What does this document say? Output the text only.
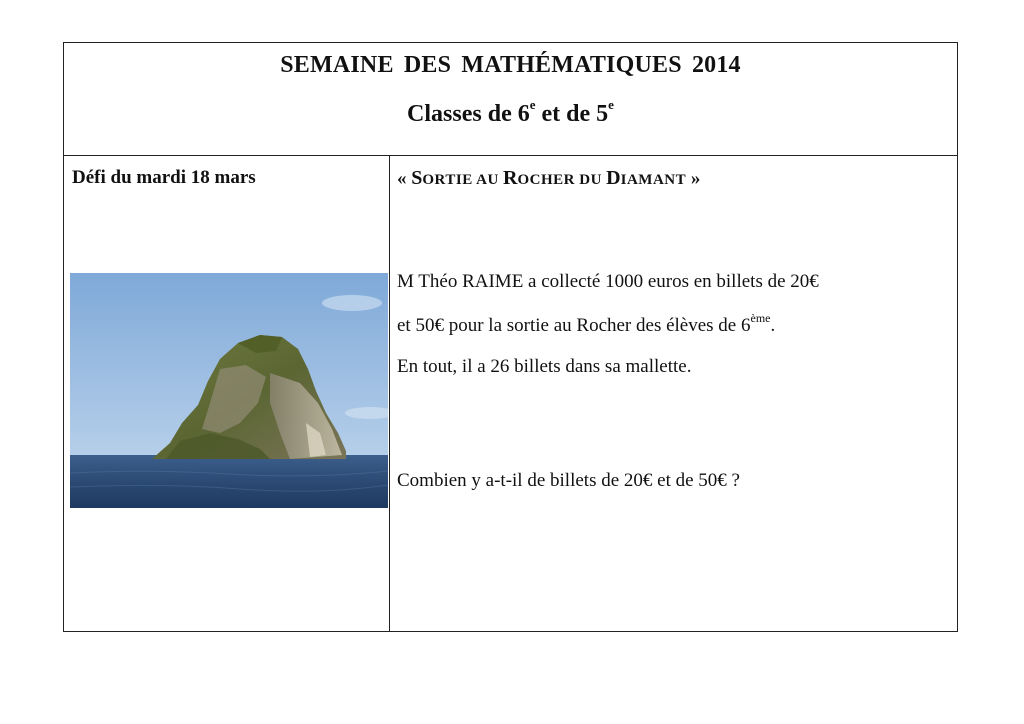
SEMAINE DES MATHÉMATIQUES 2014
Classes de 6e et de 5e
Défi du mardi 18 mars	« SORTIE AU ROCHER DU DIAMANT »
M Théo RAIME a collecté 1000 euros en billets de 20€
et 50€ pour la sortie au Rocher des élèves de 6ème.
En tout, il a 26 billets dans sa mallette.
Combien y a-t-il de billets de 20€ et de 50€ ?
